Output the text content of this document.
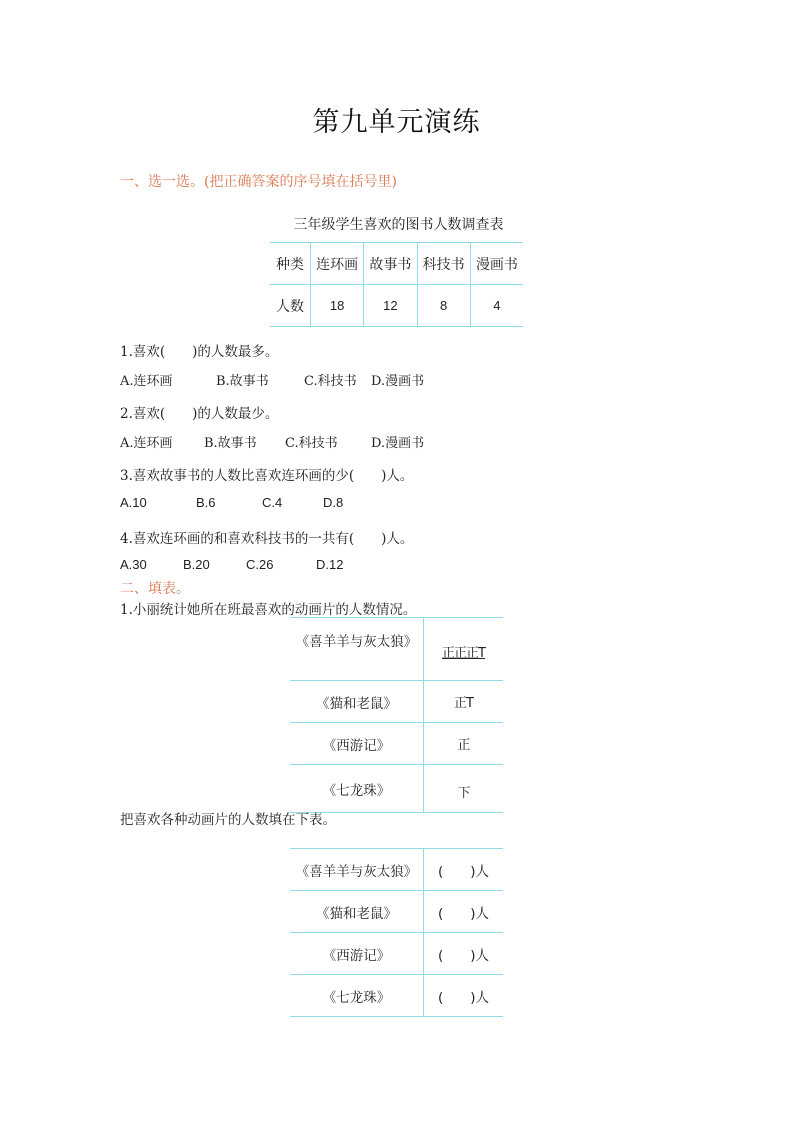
第九单元演练
一、选一选。(把正确答案的序号填在括号里)
三年级学生喜欢的图书人数调查表
种类	连环画	故事书	科技书	漫画书
人数	18	12	8	4
1.喜欢(　　)的人数最多。
A.连环画	B.故事书	C.科技书 D.漫画书
2.喜欢(　　)的人数最少。
A.连环画 B.故事书 C.科技书	D.漫画书
3.喜欢故事书的人数比喜欢连环画的少(　　)人。
A.10	B.6	C.4	D.8
4.喜欢连环画的和喜欢科技书的一共有(　　)人。
A.30	B.20	C.26	D.12
二、填表。
1.小丽统计她所在班最喜欢的动画片的人数情况。
《喜羊羊与灰太狼》	正正正T
《猫和老鼠》	正T
《西游记》	正
《七龙珠》	下
把喜欢各种动画片的人数填在下表。
《喜羊羊与灰太狼》	(　　)人
《猫和老鼠》	(　　)人
《西游记》	(　　)人
《七龙珠》	(　　)人
